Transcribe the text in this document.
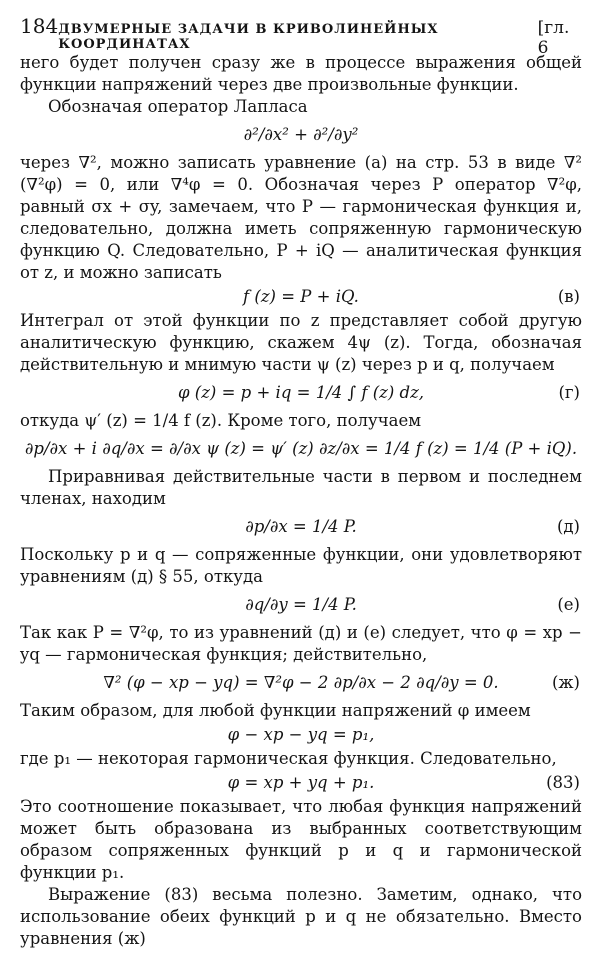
184 ДВУМЕРНЫЕ ЗАДАЧИ В КРИВОЛИНЕЙНЫХ КООРДИНАТАХ
[гл. 6

него будет получен сразу же в процессе выражения общей функции напряжений через две произвольные функции.

Обозначая оператор Лапласа

∂²/∂x² + ∂²/∂y²

через ∇², можно записать уравнение (a) на стр. 53 в виде ∇² (∇²φ) = 0, или ∇⁴φ = 0. Обозначая через P оператор ∇²φ, равный σx + σy, замечаем, что P — гармоническая функция и, следовательно, должна иметь сопряженную гармоническую функцию Q. Следовательно, P + iQ — аналитическая функция от z, и можно записать

f (z) = P + iQ.	(в)

Интеграл от этой функции по z представляет собой другую аналитическую функцию, скажем 4ψ (z). Тогда, обозначая действительную и мнимую части ψ (z) через p и q, получаем

φ (z) = p + iq = 1/4 ∫ f (z) dz,	(г)

откуда ψ′ (z) = 1/4 f (z). Кроме того, получаем

∂p/∂x + i ∂q/∂x = ∂/∂x ψ (z) = ψ′ (z) ∂z/∂x = 1/4 f (z) = 1/4 (P + iQ).

Приравнивая действительные части в первом и последнем членах, находим

∂p/∂x = 1/4 P.	(д)

Поскольку p и q — сопряженные функции, они удовлетворяют уравнениям (д) § 55, откуда

∂q/∂y = 1/4 P.	(е)

Так как P = ∇²φ, то из уравнений (д) и (е) следует, что φ = xp − yq — гармоническая функция; действительно,

∇² (φ − xp − yq) = ∇²φ − 2 ∂p/∂x − 2 ∂q/∂y = 0.	(ж)

Таким образом, для любой функции напряжений φ имеем

φ − xp − yq = p₁,

где p₁ — некоторая гармоническая функция. Следовательно,

φ = xp + yq + p₁.	(83)

Это соотношение показывает, что любая функция напряжений может быть образована из выбранных соответствующим образом сопряженных функций p и q и гармонической функции p₁.

Выражение (83) весьма полезно. Заметим, однако, что использование обеих функций p и q не обязательно. Вместо уравнения (ж)
